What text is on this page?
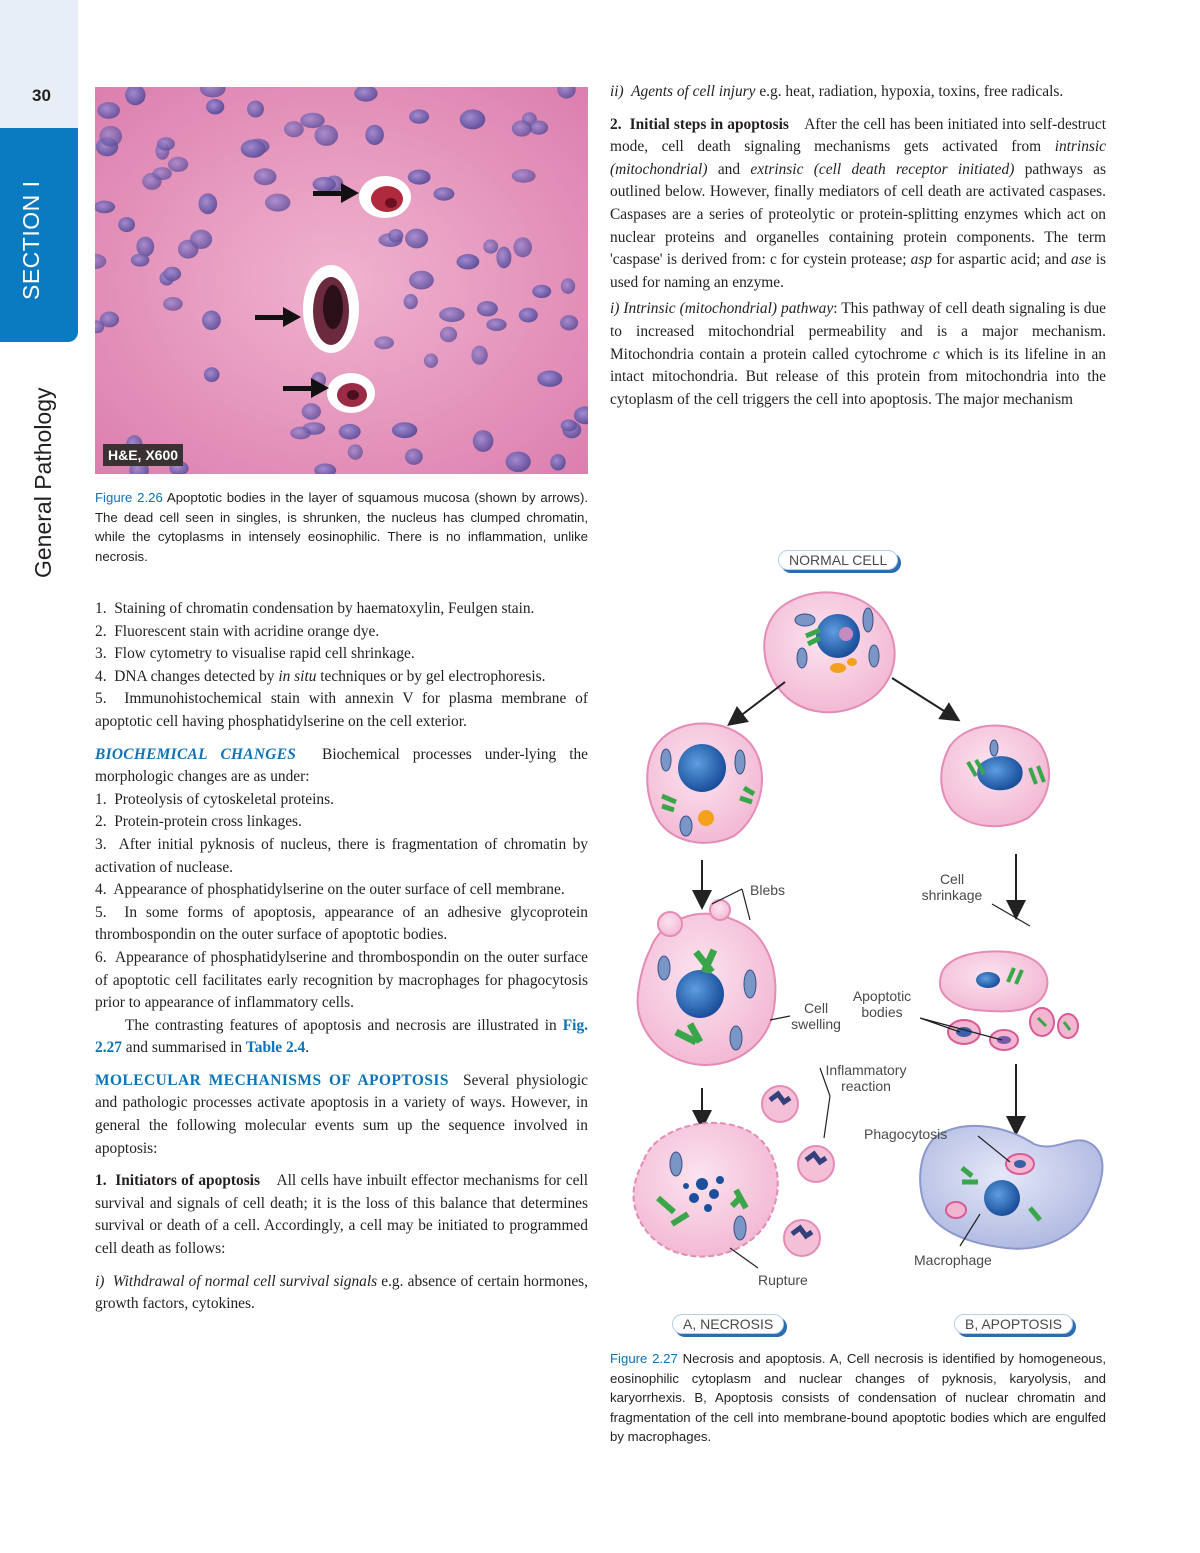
30
SECTION I
General Pathology	H&E, X600
Figure 2.26 Apoptotic bodies in the layer of squamous mucosa (shown by arrows). The dead cell seen in singles, is shrunken, the nucleus has clumped chromatin, while the cytoplasms in intensely eosinophilic. There is no inflammation, unlike necrosis.

1.  Staining of chromatin condensation by haematoxylin, Feulgen stain.

2.  Fluorescent stain with acridine orange dye.

3.  Flow cytometry to visualise rapid cell shrinkage.

4.  DNA changes detected by in situ techniques or by gel electrophoresis.

5.  Immunohistochemical stain with annexin V for plasma membrane of apoptotic cell having phosphatidylserine on the cell exterior.

BIOCHEMICAL CHANGES  Biochemical processes under-lying the morphologic changes are as under:

1.  Proteolysis of cytoskeletal proteins.

2.  Protein-protein cross linkages.

3.  After initial pyknosis of nucleus, there is fragmentation of chromatin by activation of nuclease.

4.  Appearance of phosphatidylserine on the outer surface of cell membrane.

5.  In some forms of apoptosis, appearance of an adhesive glycoprotein thrombospondin on the outer surface of apoptotic bodies.

6.  Appearance of phosphatidylserine and thrombospondin on the outer surface of apoptotic cell facilitates early recognition by macrophages for phagocytosis prior to appearance of inflammatory cells.

The contrasting features of apoptosis and necrosis are illustrated in Fig. 2.27 and summarised in Table 2.4.

MOLECULAR MECHANISMS OF APOPTOSIS  Several physiologic and pathologic processes activate apoptosis in a variety of ways. However, in general the following molecular events sum up the sequence involved in apoptosis:

1.  Initiators of apoptosis    All cells have inbuilt effector mechanisms for cell survival and signals of cell death; it is the loss of this balance that determines survival or death of a cell. Accordingly, a cell may be initiated to programmed cell death as follows:

i)  Withdrawal of normal cell survival signals e.g. absence of certain hormones, growth factors, cytokines.

ii)  Agents of cell injury e.g. heat, radiation, hypoxia, toxins, free radicals.

2.  Initial steps in apoptosis    After the cell has been initiated into self-destruct mode, cell death signaling mechanisms gets activated from intrinsic (mitochondrial) and extrinsic (cell death receptor initiated) pathways as outlined below. However, finally mediators of cell death are activated caspases. Caspases are a series of proteolytic or protein-splitting enzymes which act on nuclear proteins and organelles containing protein components. The term 'caspase' is derived from: c for cystein protease; asp for aspartic acid; and ase is used for naming an enzyme.

i) Intrinsic (mitochondrial) pathway: This pathway of cell death signaling is due to increased mitochondrial permeability and is a major mechanism. Mitochondria contain a protein called cytochrome c which is its lifeline in an intact mitochondria. But release of this protein from mitochondria into the cytoplasm of the cell triggers the cell into apoptosis. The major mechanism

NORMAL CELL
Blebs
Cell shrinkage
Cell swelling
Apoptotic bodies
Inflammatory reaction
Phagocytosis
Macrophage
Rupture
A, NECROSIS	B, APOPTOSIS
Figure 2.27 Necrosis and apoptosis. A, Cell necrosis is identified by homogeneous, eosinophilic cytoplasm and nuclear changes of pyknosis, karyolysis, and karyorrhexis. B, Apoptosis consists of condensation of nuclear chromatin and fragmentation of the cell into membrane-bound apoptotic bodies which are engulfed by macrophages.
